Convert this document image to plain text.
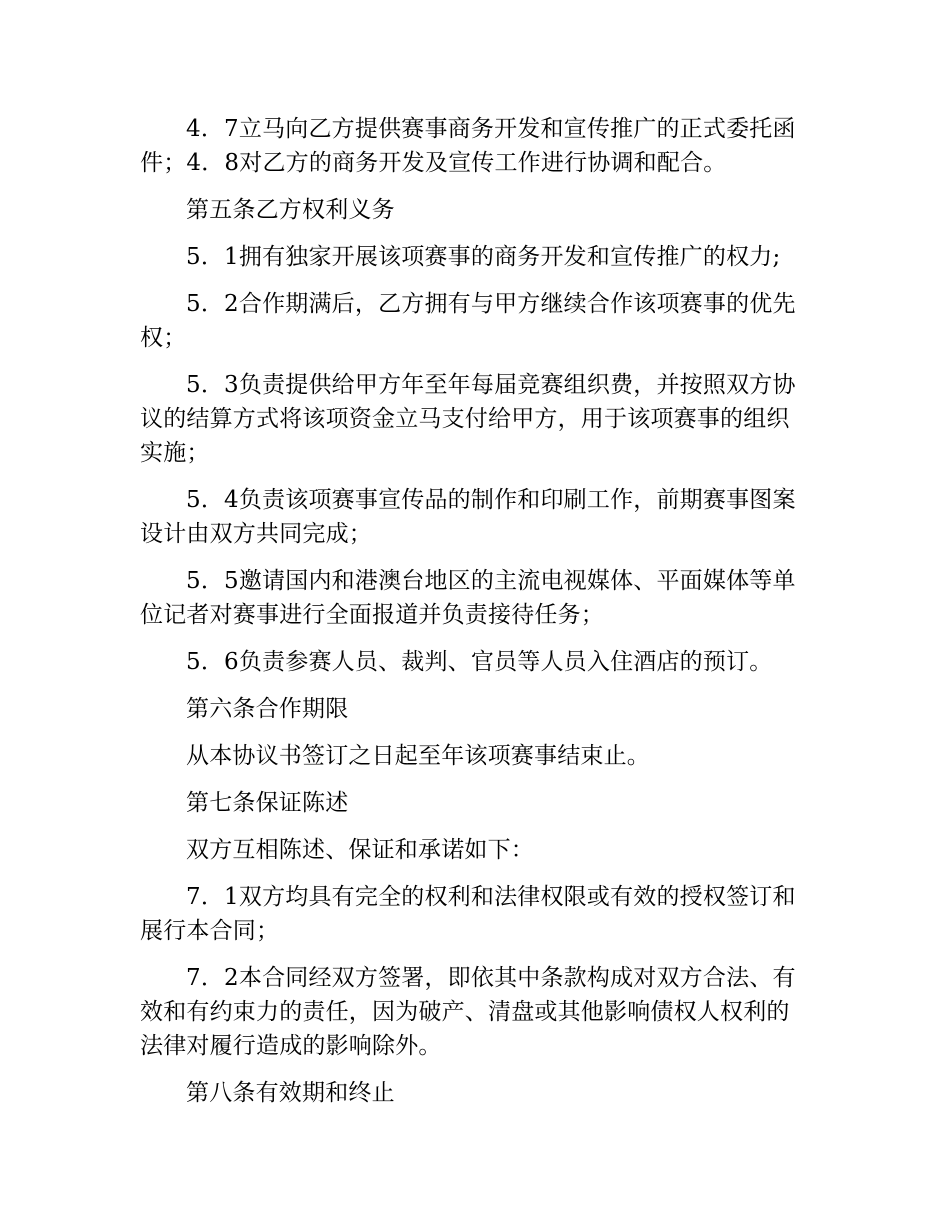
4．7立马向乙方提供赛事商务开发和宣传推广的正式委托函件；4．8对乙方的商务开发及宣传工作进行协调和配合。

第五条乙方权利义务

5．1拥有独家开展该项赛事的商务开发和宣传推广的权力;

5．2合作期满后，乙方拥有与甲方继续合作该项赛事的优先权；

5．3负责提供给甲方年至年每届竞赛组织费，并按照双方协议的结算方式将该项资金立马支付给甲方，用于该项赛事的组织实施；

5．4负责该项赛事宣传品的制作和印刷工作，前期赛事图案设计由双方共同完成；

5．5邀请国内和港澳台地区的主流电视媒体、平面媒体等单位记者对赛事进行全面报道并负责接待任务；

5．6负责参赛人员、裁判、官员等人员入住酒店的预订。

第六条合作期限

从本协议书签订之日起至年该项赛事结束止。

第七条保证陈述

双方互相陈述、保证和承诺如下：

7．1双方均具有完全的权利和法律权限或有效的授权签订和展行本合同；

7．2本合同经双方签署，即依其中条款构成对双方合法、有效和有约束力的责任，因为破产、清盘或其他影响债权人权利的法律对履行造成的影响除外。

第八条有效期和终止
